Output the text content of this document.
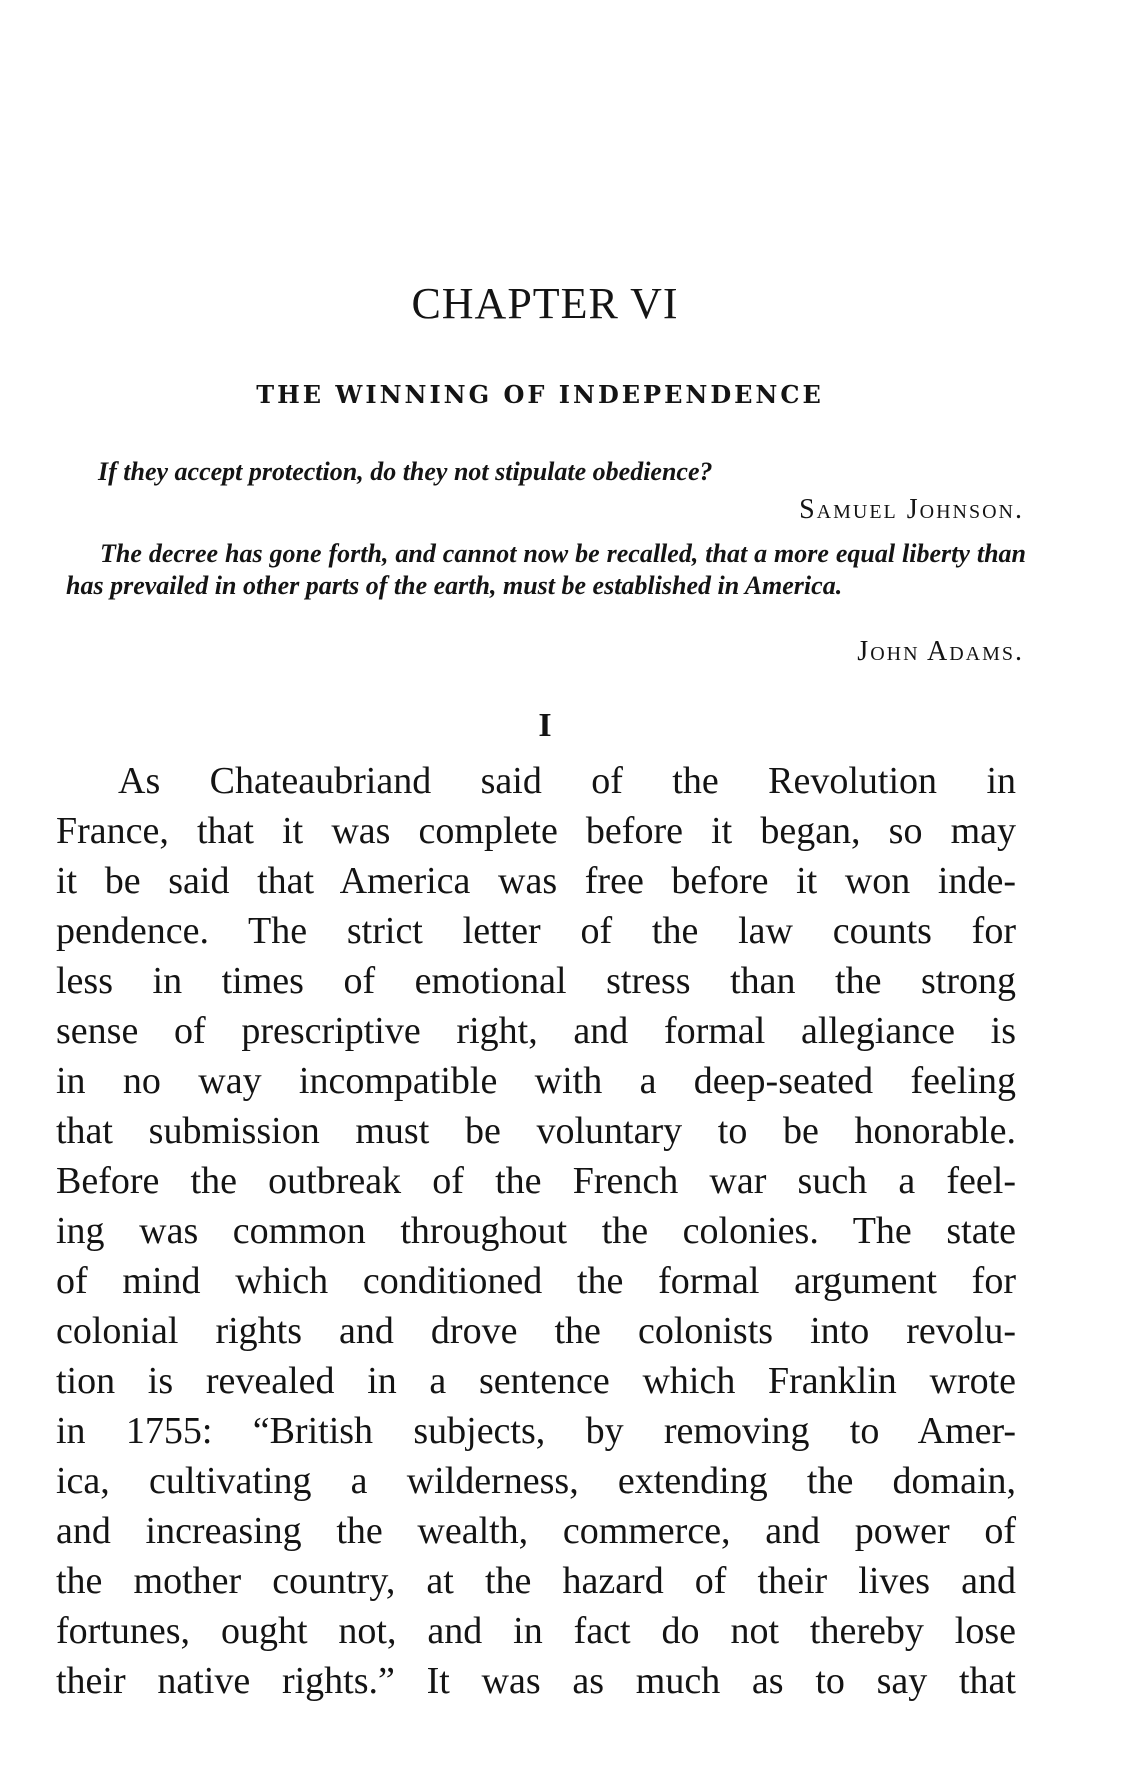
CHAPTER VI
THE WINNING OF INDEPENDENCE
If they accept protection, do they not stipulate obedience?
Samuel Johnson.
The decree has gone forth, and cannot now be recalled, that a more equal liberty than has prevailed in other parts of the earth, must be established in America.
John Adams.
I
As Chateaubriand said of the Revolution in
France, that it was complete before it began, so may
it be said that America was free before it won inde-
pendence. The strict letter of the law counts for
less in times of emotional stress than the strong
sense of prescriptive right, and formal allegiance is
in no way incompatible with a deep-seated feeling
that submission must be voluntary to be honorable.
Before the outbreak of the French war such a feel-
ing was common throughout the colonies. The state
of mind which conditioned the formal argument for
colonial rights and drove the colonists into revolu-
tion is revealed in a sentence which Franklin wrote
in 1755: “British subjects, by removing to Amer-
ica, cultivating a wilderness, extending the domain,
and increasing the wealth, commerce, and power of
the mother country, at the hazard of their lives and
fortunes, ought not, and in fact do not thereby lose
their native rights.” It was as much as to say that
